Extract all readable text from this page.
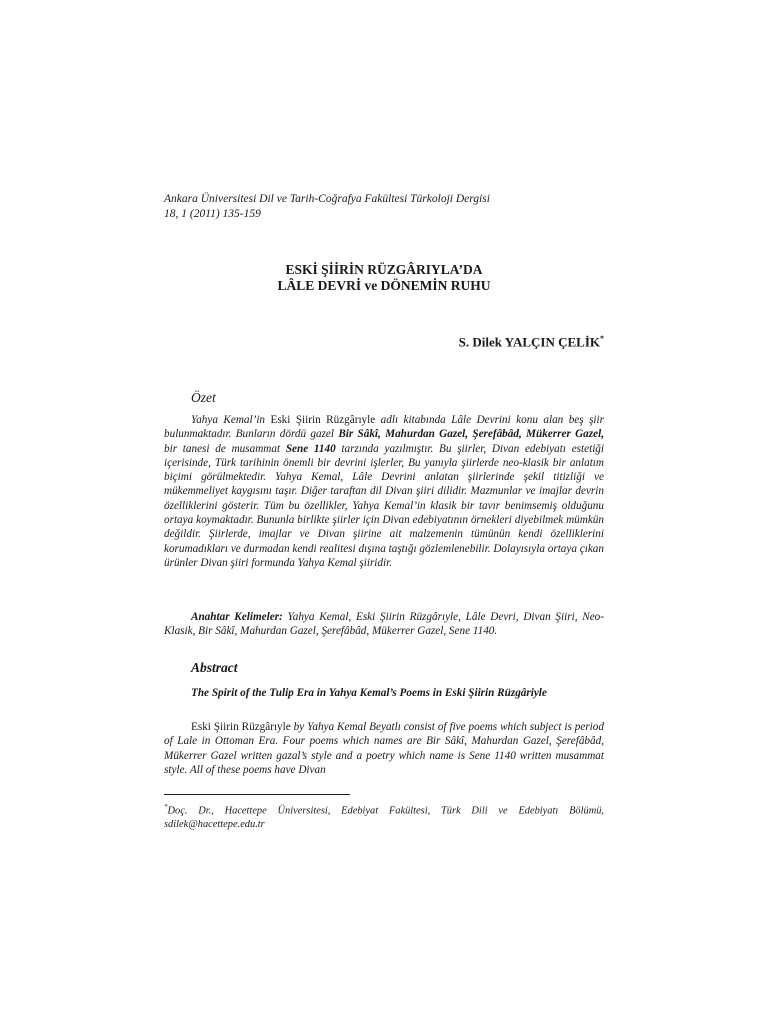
Ankara Üniversitesi Dil ve Tarih-Coğrafya Fakültesi Türkoloji Dergisi
18, 1 (2011) 135-159
ESKİ ŞİİRİN RÜZGÂRIYLA’DA
LÂLE DEVRİ ve DÖNEMİN RUHU
S. Dilek YALÇIN ÇELİK*
Özet
Yahya Kemal’in Eski Şiirin Rüzgârıyle adlı kitabında Lâle Devrini konu alan beş şiir bulunmaktadır. Bunların dördü gazel Bir Sâkî, Mahurdan Gazel, Şerefâbâd, Mükerrer Gazel, bir tanesi de musammat Sene 1140 tarzında yazılmıştır. Bu şiirler, Divan edebiyatı estetiği içerisinde, Türk tarihinin önemli bir devrini işlerler, Bu yanıyla şiirlerde neo-klasik bir anlatım biçimi görülmektedir. Yahya Kemal, Lâle Devrini anlatan şiirlerinde şekil titizliği ve mükemmeliyet kaygısını taşır. Diğer taraftan dil Divan şiiri dilidir. Mazmunlar ve imajlar devrin özelliklerini gösterir. Tüm bu özellikler, Yahya Kemal’in klasik bir tavır benimsemiş olduğunu ortaya koymaktadır. Bununla birlikte şiirler için Divan edebiyatının örnekleri diyebilmek mümkün değildir. Şiirlerde, imajlar ve Divan şiirine ait malzemenin tümünün kendi özelliklerini korumadıkları ve durmadan kendi realitesi dışına taştığı gözlemlenebilir. Dolayısıyla ortaya çıkan ürünler Divan şiiri formunda Yahya Kemal şiiridir.
Anahtar Kelimeler: Yahya Kemal, Eski Şiirin Rüzgârıyle, Lâle Devri, Divan Şiiri, Neo-Klasik, Bir Sâkî, Mahurdan Gazel, Şerefâbâd, Mükerrer Gazel, Sene 1140.
Abstract
The Spirit of the Tulip Era in Yahya Kemal’s Poems in Eski Şiirin Rüzgâriyle
Eski Şiirin Rüzgârıyle by Yahya Kemal Beyatlı consist of five poems which subject is period of Lale in Ottoman Era. Four poems which names are Bir Sâkî, Mahurdan Gazel, Şerefâbâd, Mükerrer Gazel written gazal’s style and a poetry which name is Sene 1140 written musammat style. All of these poems have Divan
*Doç. Dr., Hacettepe Üniversitesi, Edebiyat Fakültesi, Türk Dili ve Edebiyatı Bölümü, sdilek@hacettepe.edu.tr
